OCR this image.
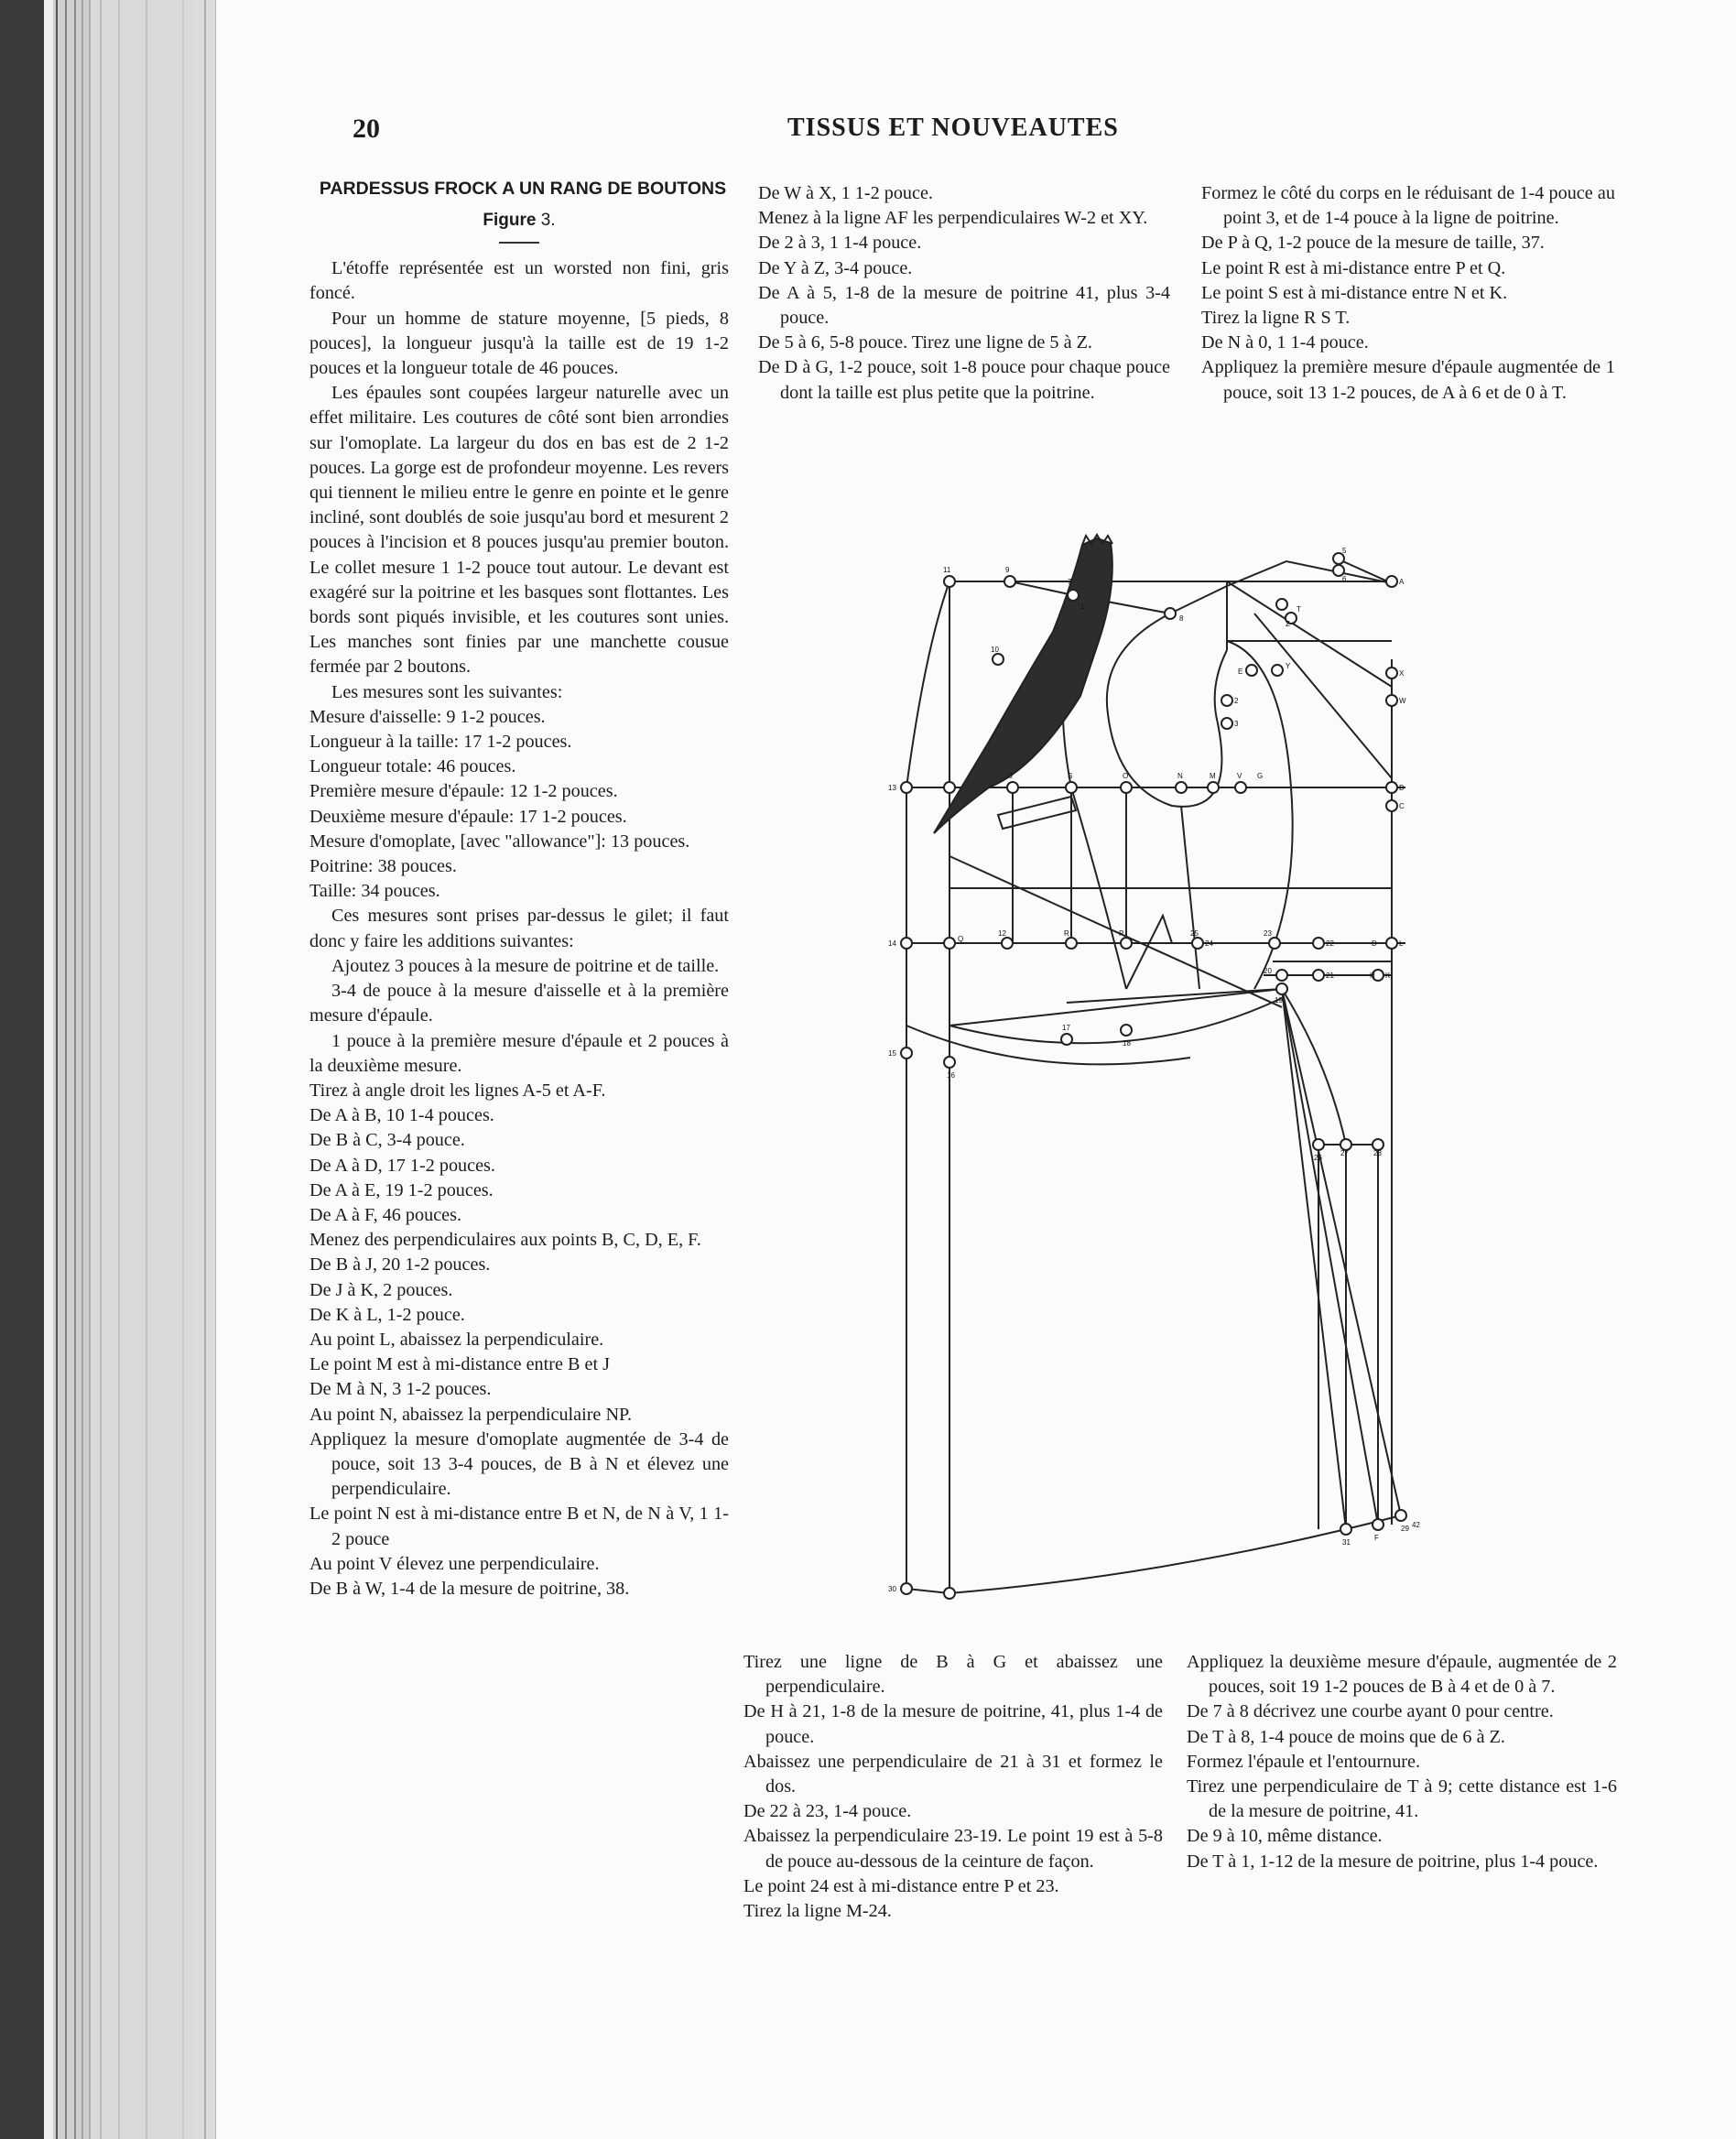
20	TISSUS ET NOUVEAUTES
PARDESSUS FROCK A UN RANG DE BOUTONS

Figure 3.

L'étoffe représentée est un worsted non fini, gris foncé.

Pour un homme de stature moyenne, [5 pieds, 8 pouces], la longueur jusqu'à la taille est de 19 1-2 pouces et la longueur totale de 46 pouces.

Les épaules sont coupées largeur naturelle avec un effet militaire. Les coutures de côté sont bien arrondies sur l'omoplate. La largeur du dos en bas est de 2 1-2 pouces. La gorge est de profondeur moyenne. Les revers qui tiennent le milieu entre le genre en pointe et le genre incliné, sont doublés de soie jusqu'au bord et mesurent 2 pouces à l'incision et 8 pouces jusqu'au premier bouton. Le collet mesure 1 1-2 pouce tout autour. Le devant est exagéré sur la poitrine et les basques sont flottantes. Les bords sont piqués invisible, et les coutures sont unies. Les manches sont finies par une manchette cousue fermée par 2 boutons.

Les mesures sont les suivantes:

Mesure d'aisselle: 9 1-2 pouces.

Longueur à la taille: 17 1-2 pouces.

Longueur totale: 46 pouces.

Première mesure d'épaule: 12 1-2 pouces.

Deuxième mesure d'épaule: 17 1-2 pouces.

Mesure d'omoplate, [avec "allowance"]: 13 pouces.

Poitrine: 38 pouces.

Taille: 34 pouces.

Ces mesures sont prises par-dessus le gilet; il faut donc y faire les additions suivantes:

Ajoutez 3 pouces à la mesure de poitrine et de taille.

3-4 de pouce à la mesure d'aisselle et à la première mesure d'épaule.

1 pouce à la première mesure d'épaule et 2 pouces à la deuxième mesure.

Tirez à angle droit les lignes A-5 et A-F.

De A à B, 10 1-4 pouces.

De B à C, 3-4 pouce.

De A à D, 17 1-2 pouces.

De A à E, 19 1-2 pouces.

De A à F, 46 pouces.

Menez des perpendiculaires aux points B, C, D, E, F.

De B à J, 20 1-2 pouces.

De J à K, 2 pouces.

De K à L, 1-2 pouce.

Au point L, abaissez la perpendiculaire.

Le point M est à mi-distance entre B et J

De M à N, 3 1-2 pouces.

Au point N, abaissez la perpendiculaire NP.

Appliquez la mesure d'omoplate augmentée de 3-4 de pouce, soit 13 3-4 pouces, de B à N et élevez une perpendiculaire.

Le point N est à mi-distance entre B et N, de N à V, 1 1-2 pouce

Au point V élevez une perpendiculaire.

De B à W, 1-4 de la mesure de poitrine, 38.

De W à X, 1 1-2 pouce.

Menez à la ligne AF les perpendiculaires W-2 et XY.

De 2 à 3, 1 1-4 pouce.

De Y à Z, 3-4 pouce.

De A à 5, 1-8 de la mesure de poitrine 41, plus 3-4 pouce.

De 5 à 6, 5-8 pouce. Tirez une ligne de 5 à Z.

De D à G, 1-2 pouce, soit 1-8 pouce pour chaque pouce dont la taille est plus petite que la poitrine.

Formez le côté du corps en le réduisant de 1-4 pouce au point 3, et de 1-4 pouce à la ligne de poitrine.

De P à Q, 1-2 pouce de la mesure de taille, 37.

Le point R est à mi-distance entre P et Q.

Le point S est à mi-distance entre N et K.

Tirez la ligne R S T.

De N à 0, 1 1-4 pouce.

Appliquez la première mesure d'épaule augmentée de 1 pouce, soit 13 1-2 pouces, de A à 6 et de 0 à T.

5
6	A
X
W
B
C
L
K
T
8
E
Y
Z
2
3
11	9
1
7
10
13
J	S	O	N	M	V G
14
Q
12	R	P	25
24
23
22	D
20
21	H
19
17
15
16
18
26
27	28
29
30
31
F
42

Tirez une ligne de B à G et abaissez une perpendiculaire.

De H à 21, 1-8 de la mesure de poitrine, 41, plus 1-4 de pouce.

Abaissez une perpendiculaire de 21 à 31 et formez le dos.

De 22 à 23, 1-4 pouce.

Abaissez la perpendiculaire 23-19. Le point 19 est à 5-8 de pouce au-dessous de la ceinture de façon.

Le point 24 est à mi-distance entre P et 23.

Tirez la ligne M-24.

Appliquez la deuxième mesure d'épaule, augmentée de 2 pouces, soit 19 1-2 pouces de B à 4 et de 0 à 7.

De 7 à 8 décrivez une courbe ayant 0 pour centre.

De T à 8, 1-4 pouce de moins que de 6 à Z.

Formez l'épaule et l'entournure.

Tirez une perpendiculaire de T à 9; cette distance est 1-6 de la mesure de poitrine, 41.

De 9 à 10, même distance.

De T à 1, 1-12 de la mesure de poitrine, plus 1-4 pouce.
